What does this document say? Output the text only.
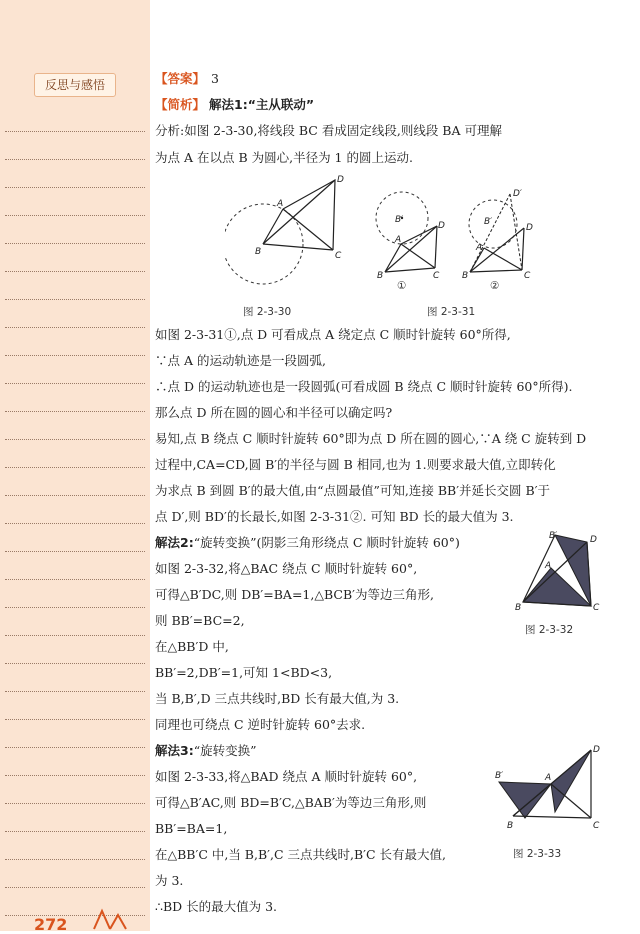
反思与感悟
272
【答案】 3
【简析】 解法1:“主从联动”
分析:如图 2-3-30,将线段 BC 看成固定线段,则线段 BA 可理解
为点 A 在以点 B 为圆心,半径为 1 的圆上运动.
A
B	C
D
B′
A
B	C
D
①
D′
B′
A
B	C
D
②
图 2-3-30	图 2-3-31
如图 2-3-31①,点 D 可看成点 A 绕定点 C 顺时针旋转 60°所得,
∵点 A 的运动轨迹是一段圆弧,
∴点 D 的运动轨迹也是一段圆弧(可看成圆 B 绕点 C 顺时针旋转 60°所得).
那么点 D 所在圆的圆心和半径可以确定吗?
易知,点 B 绕点 C 顺时针旋转 60°即为点 D 所在圆的圆心,∵A 绕 C 旋转到 D
过程中,CA=CD,圆 B′的半径与圆 B 相同,也为 1.则要求最大值,立即转化
为求点 B 到圆 B′的最大值,由“点圆最值”可知,连接 BB′并延长交圆 B′于
点 D′,则 BD′的长最长,如图 2-3-31②. 可知 BD 长的最大值为 3.
解法2:“旋转变换”(阴影三角形绕点 C 顺时针旋转 60°)
如图 2-3-32,将△BAC 绕点 C 顺时针旋转 60°,
可得△B′DC,则 DB′=BA=1,△BCB′为等边三角形,
则 BB′=BC=2,
在△BB′D 中,
BB′=2,DB′=1,可知 1<BD<3,
当 B,B′,D 三点共线时,BD 长有最大值,为 3.
同理也可绕点 C 逆时针旋转 60°去求.
B′	D
A
B	C
图 2-3-32
解法3:“旋转变换”
如图 2-3-33,将△BAD 绕点 A 顺时针旋转 60°,
可得△B′AC,则 BD=B′C,△BAB′为等边三角形,则
BB′=BA=1,
在△BB′C 中,当 B,B′,C 三点共线时,B′C 长有最大值,
为 3.
∴BD 长的最大值为 3.
B′	A
D
B	C
图 2-3-33
